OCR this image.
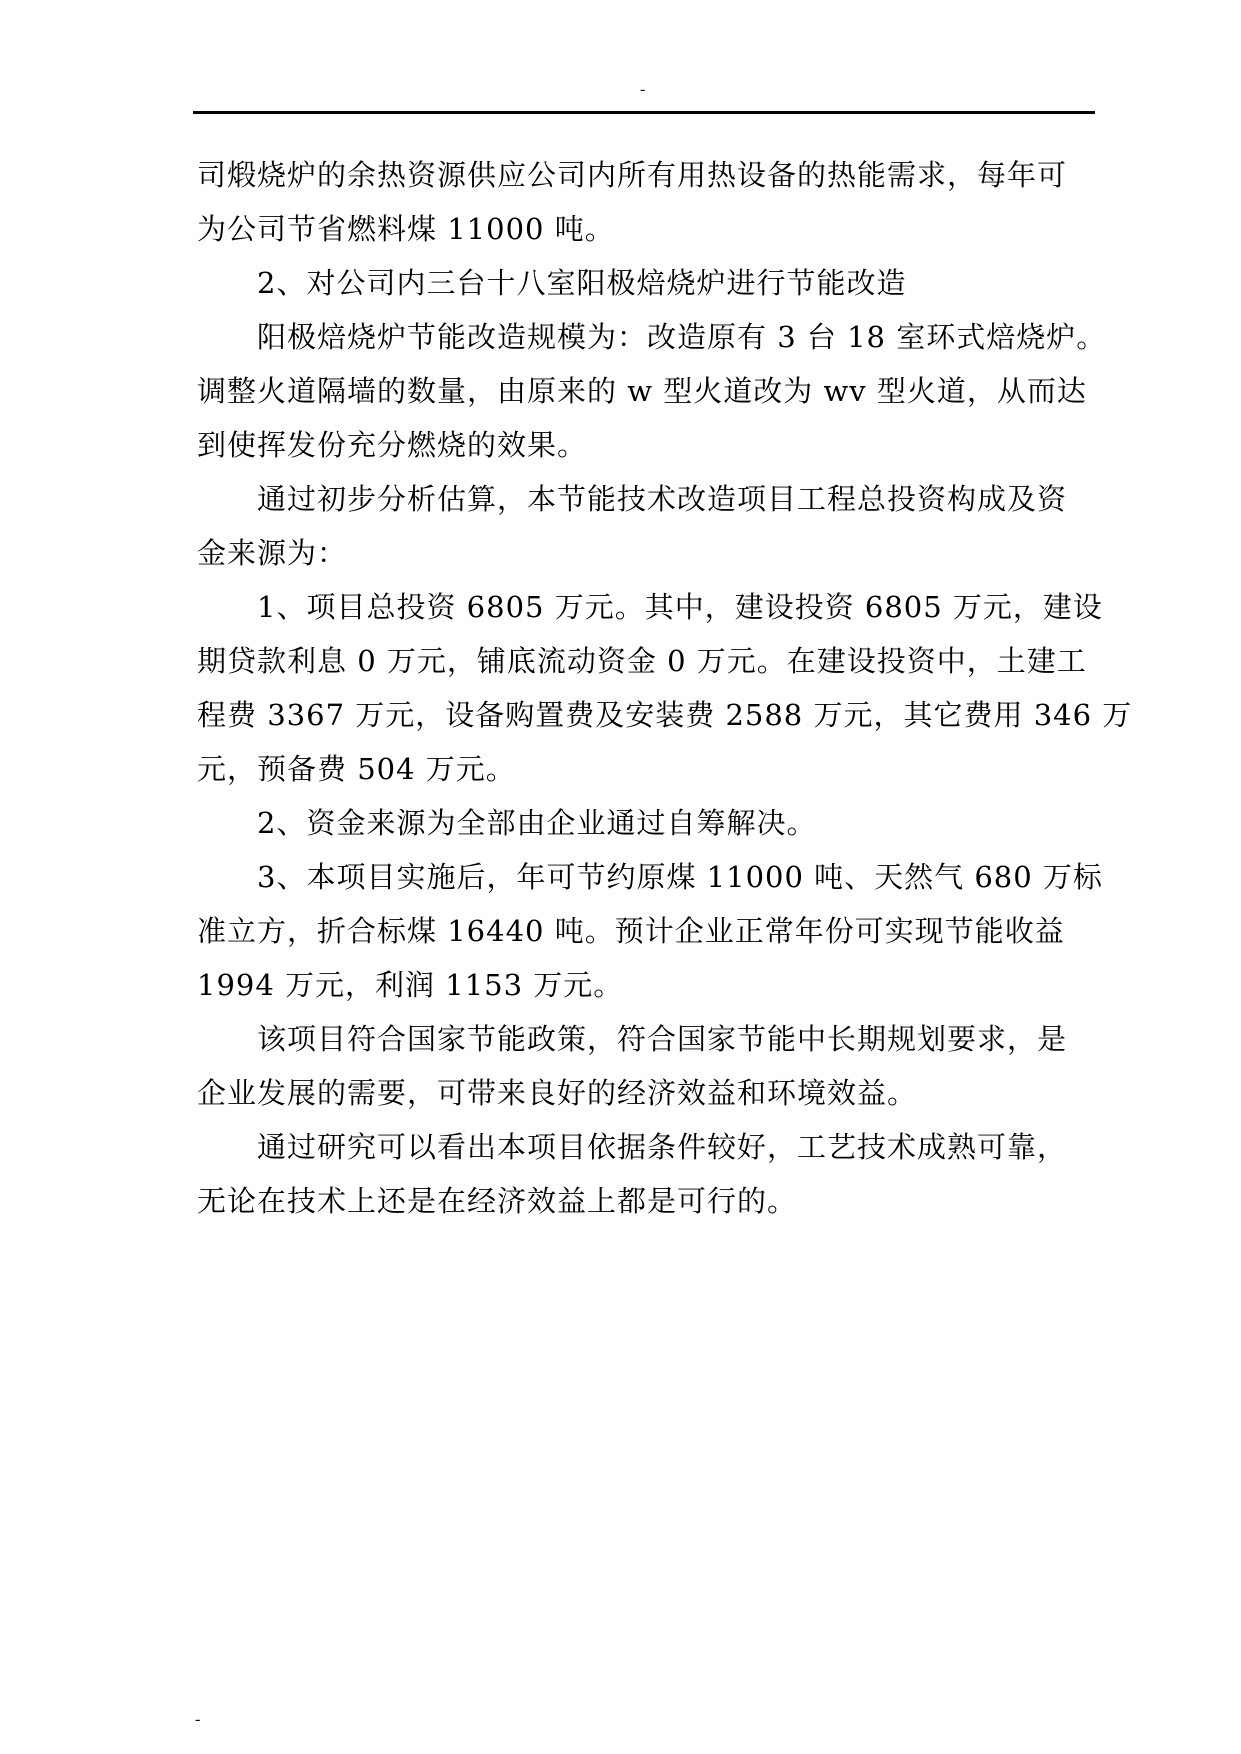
-
司煅烧炉的余热资源供应公司内所有用热设备的热能需求，每年可
为公司节省燃料煤 11000 吨。
2、对公司内三台十八室阳极焙烧炉进行节能改造
阳极焙烧炉节能改造规模为：改造原有 3 台 18 室环式焙烧炉。
调整火道隔墙的数量，由原来的 w 型火道改为 wv 型火道，从而达
到使挥发份充分燃烧的效果。
通过初步分析估算，本节能技术改造项目工程总投资构成及资
金来源为：
1、项目总投资 6805 万元。其中，建设投资 6805 万元，建设
期贷款利息 0 万元，铺底流动资金 0 万元。在建设投资中，土建工
程费 3367 万元，设备购置费及安装费 2588 万元，其它费用 346 万
元，预备费 504 万元。
2、资金来源为全部由企业通过自筹解决。
3、本项目实施后，年可节约原煤 11000 吨、天然气 680 万标
准立方，折合标煤 16440 吨。预计企业正常年份可实现节能收益
1994 万元，利润 1153 万元。
该项目符合国家节能政策，符合国家节能中长期规划要求，是
企业发展的需要，可带来良好的经济效益和环境效益。
通过研究可以看出本项目依据条件较好，工艺技术成熟可靠，
无论在技术上还是在经济效益上都是可行的。
-
